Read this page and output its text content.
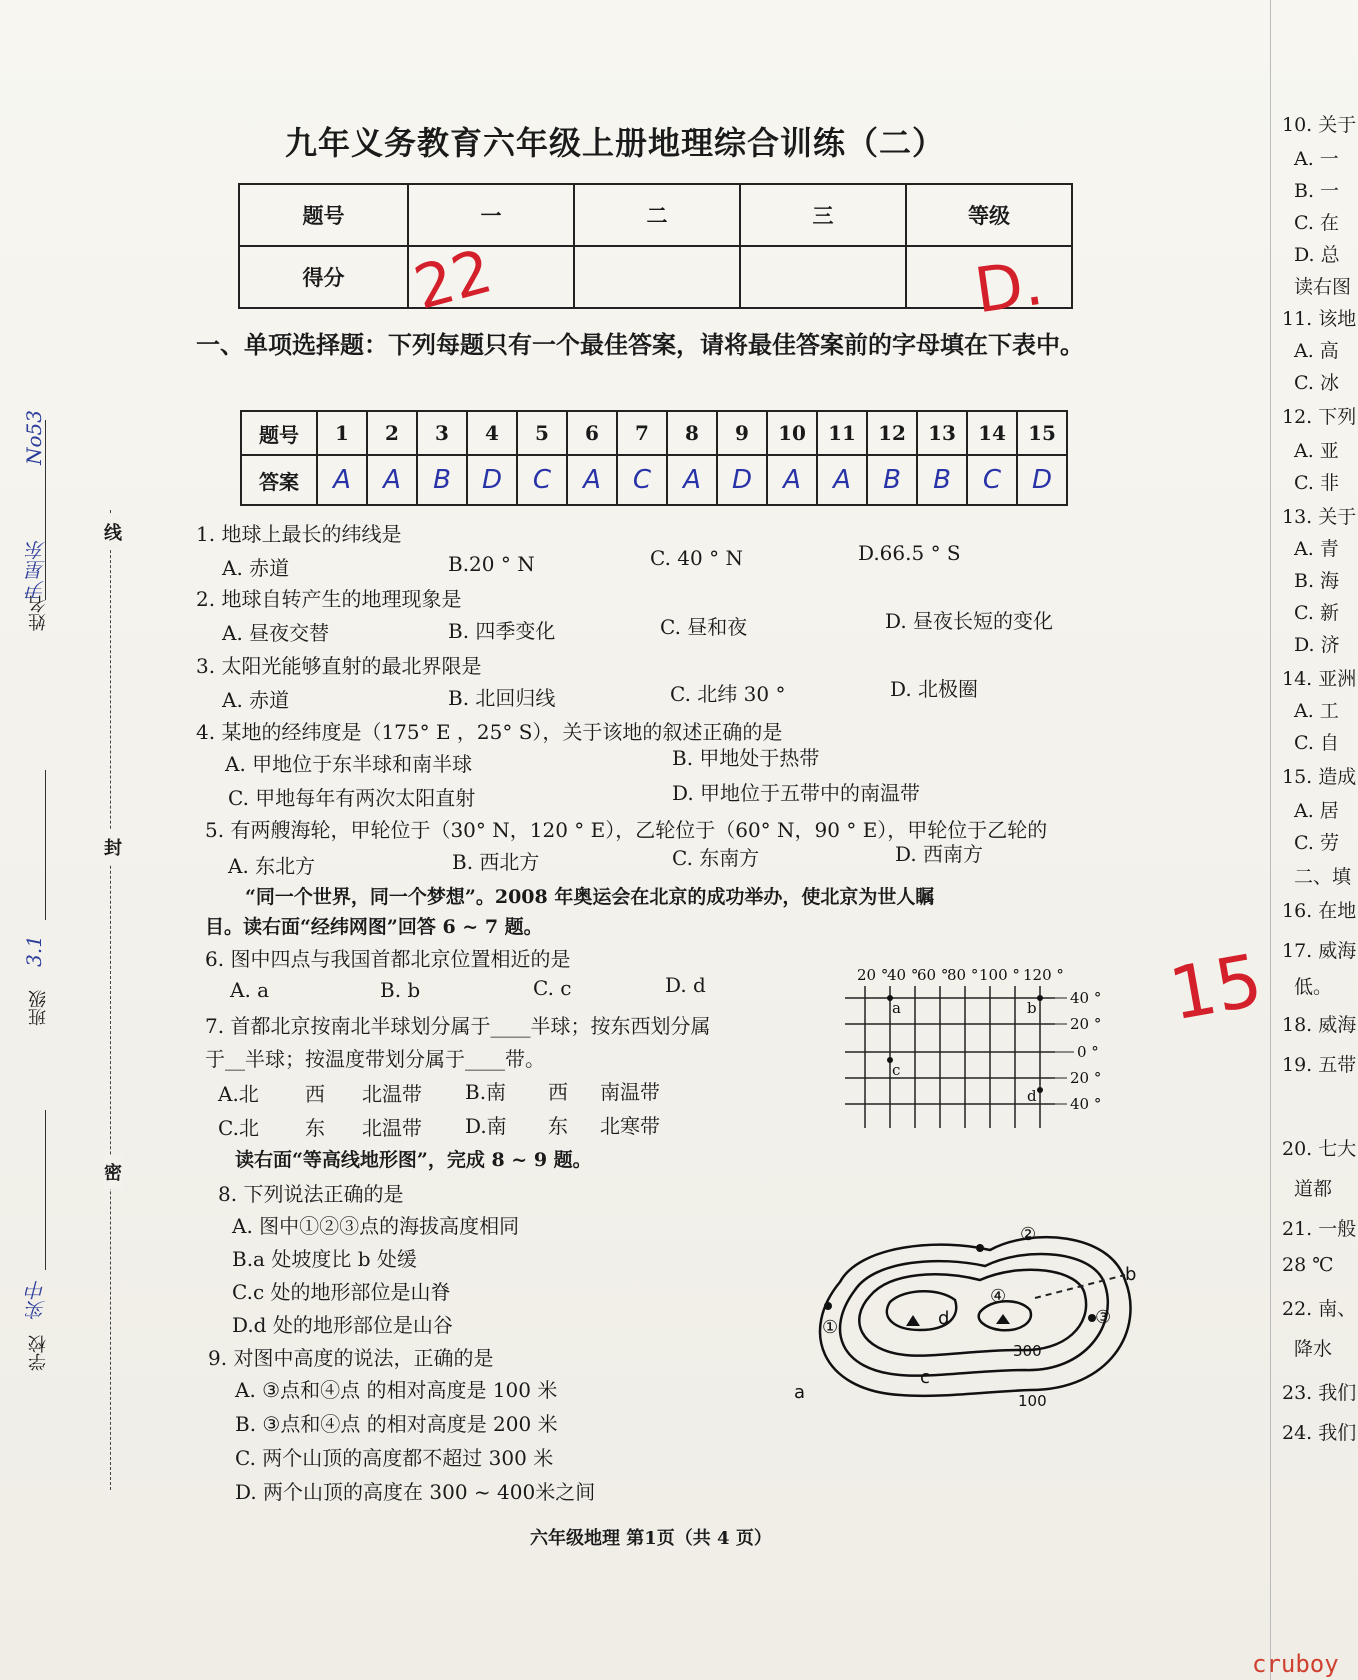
姓名
尹星东
No53
班级
3.1
学校
实中
线
封
密
九年义务教育六年级上册地理综合训练（二）
题号	一	二	三	等级
得分				22	D.
一、单项选择题：下列每题只有一个最佳答案，请将最佳答案前的字母填在下表中。
题号	1	2	3	4	5	6	7	8	9	10	11	12	13	14	15
答案	A	A	B	D	C	A	C	A	D	A	A	B	B	C	D
1. 地球上最长的纬线是
A. 赤道	B.20 ° N	C. 40 ° N	D.66.5 ° S
2. 地球自转产生的地理现象是
A. 昼夜交替	B. 四季变化	C. 昼和夜	D. 昼夜长短的变化
3. 太阳光能够直射的最北界限是
A. 赤道	B. 北回归线	C. 北纬 30 °	D. 北极圈
4. 某地的经纬度是（175° E ，25° S），关于该地的叙述正确的是
A. 甲地位于东半球和南半球	B. 甲地处于热带
C. 甲地每年有两次太阳直射	D. 甲地位于五带中的南温带
5. 有两艘海轮，甲轮位于（30° N，120 ° E），乙轮位于（60° N，90 ° E），甲轮位于乙轮的
A. 东北方	B. 西北方	C. 东南方	D. 西南方
“同一个世界，同一个梦想”。2008 年奥运会在北京的成功举办，使北京为世人瞩
目。读右面“经纬网图”回答 6 ~ 7 题。
6. 图中四点与我国首都北京位置相近的是
A. a	B. b	C. c	D. d
7. 首都北京按南北半球划分属于____半球；按东西划分属
于__半球；按温度带划分属于____带。
A.北 西 北温带 B.南 西 南温带
C.北 东 北温带 D.南 东 北寒带
读右面“等高线地形图”，完成 8 ~ 9 题。
8. 下列说法正确的是
A. 图中①②③点的海拔高度相同
B.a 处坡度比 b 处缓
C.c 处的地形部位是山脊
D.d 处的地形部位是山谷
9. 对图中高度的说法，正确的是
A. ③点和④点 的相对高度是 100 米
B. ③点和④点 的相对高度是 200 米
C. 两个山顶的高度都不超过 300 米
D. 两个山顶的高度在 300 ~ 400米之间
20 °
40 °
60 °
80 ° 100 ° 120 °
40 °
20 °
0 °
20 °
40 °
a	b
c
d
①
②
③
④
a
b
c
d
300
100
15
10. 关于
A. 一
B. 一
C. 在
D. 总
读右图
11. 该地
A. 高
C. 冰
12. 下列
A. 亚
C. 非
13. 关于
A. 青
B. 海
C. 新
D. 济
14. 亚洲
A. 工
C. 自
15. 造成
A. 居
C. 劳
二、填
16. 在地
17. 威海
低。
18. 威海
19. 五带
20. 七大
道都
21. 一般
28 ℃
22. 南、
降水
23. 我们
24. 我们
六年级地理 第1页（共 4 页）
cruboy
